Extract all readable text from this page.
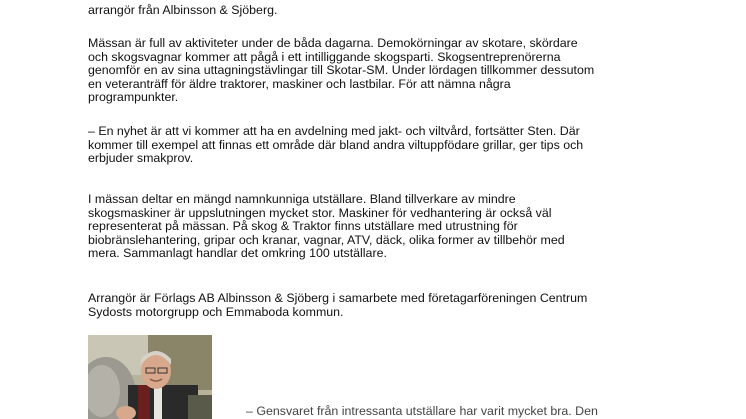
arrangör från Albinsson & Sjöberg.
Mässan är full av aktiviteter under de båda dagarna. Demokörningar av skotare, skördare
och skogsvagnar kommer att pågå i ett intilliggande skogsparti. Skogsentreprenörerna
genomför en av sina uttagningstävlingar till Skotar-SM. Under lördagen tillkommer dessutom
en veteranträff för äldre traktorer, maskiner och lastbilar. För att nämna några
programpunkter.
– En nyhet är att vi kommer att ha en avdelning med jakt- och viltvård, fortsätter Sten. Där
kommer till exempel att finnas ett område där bland andra viltuppfödare grillar, ger tips och
erbjuder smakprov.
I mässan deltar en mängd namnkunniga utställare. Bland tillverkare av mindre
skogsmaskiner är uppslutningen mycket stor. Maskiner för vedhantering är också väl
representerat på mässan. På skog & Traktor finns utställare med utrustning för
biobränslehantering, gripar och kranar, vagnar, ATV, däck, olika former av tillbehör med
mera. Sammanlagt handlar det omkring 100 utställare.
Arrangör är Förlags AB Albinsson & Sjöberg i samarbete med företagarföreningen Centrum
Sydosts motorgrupp och Emmaboda kommun.
– Gensvaret från intressanta utställare har varit mycket bra. Den
